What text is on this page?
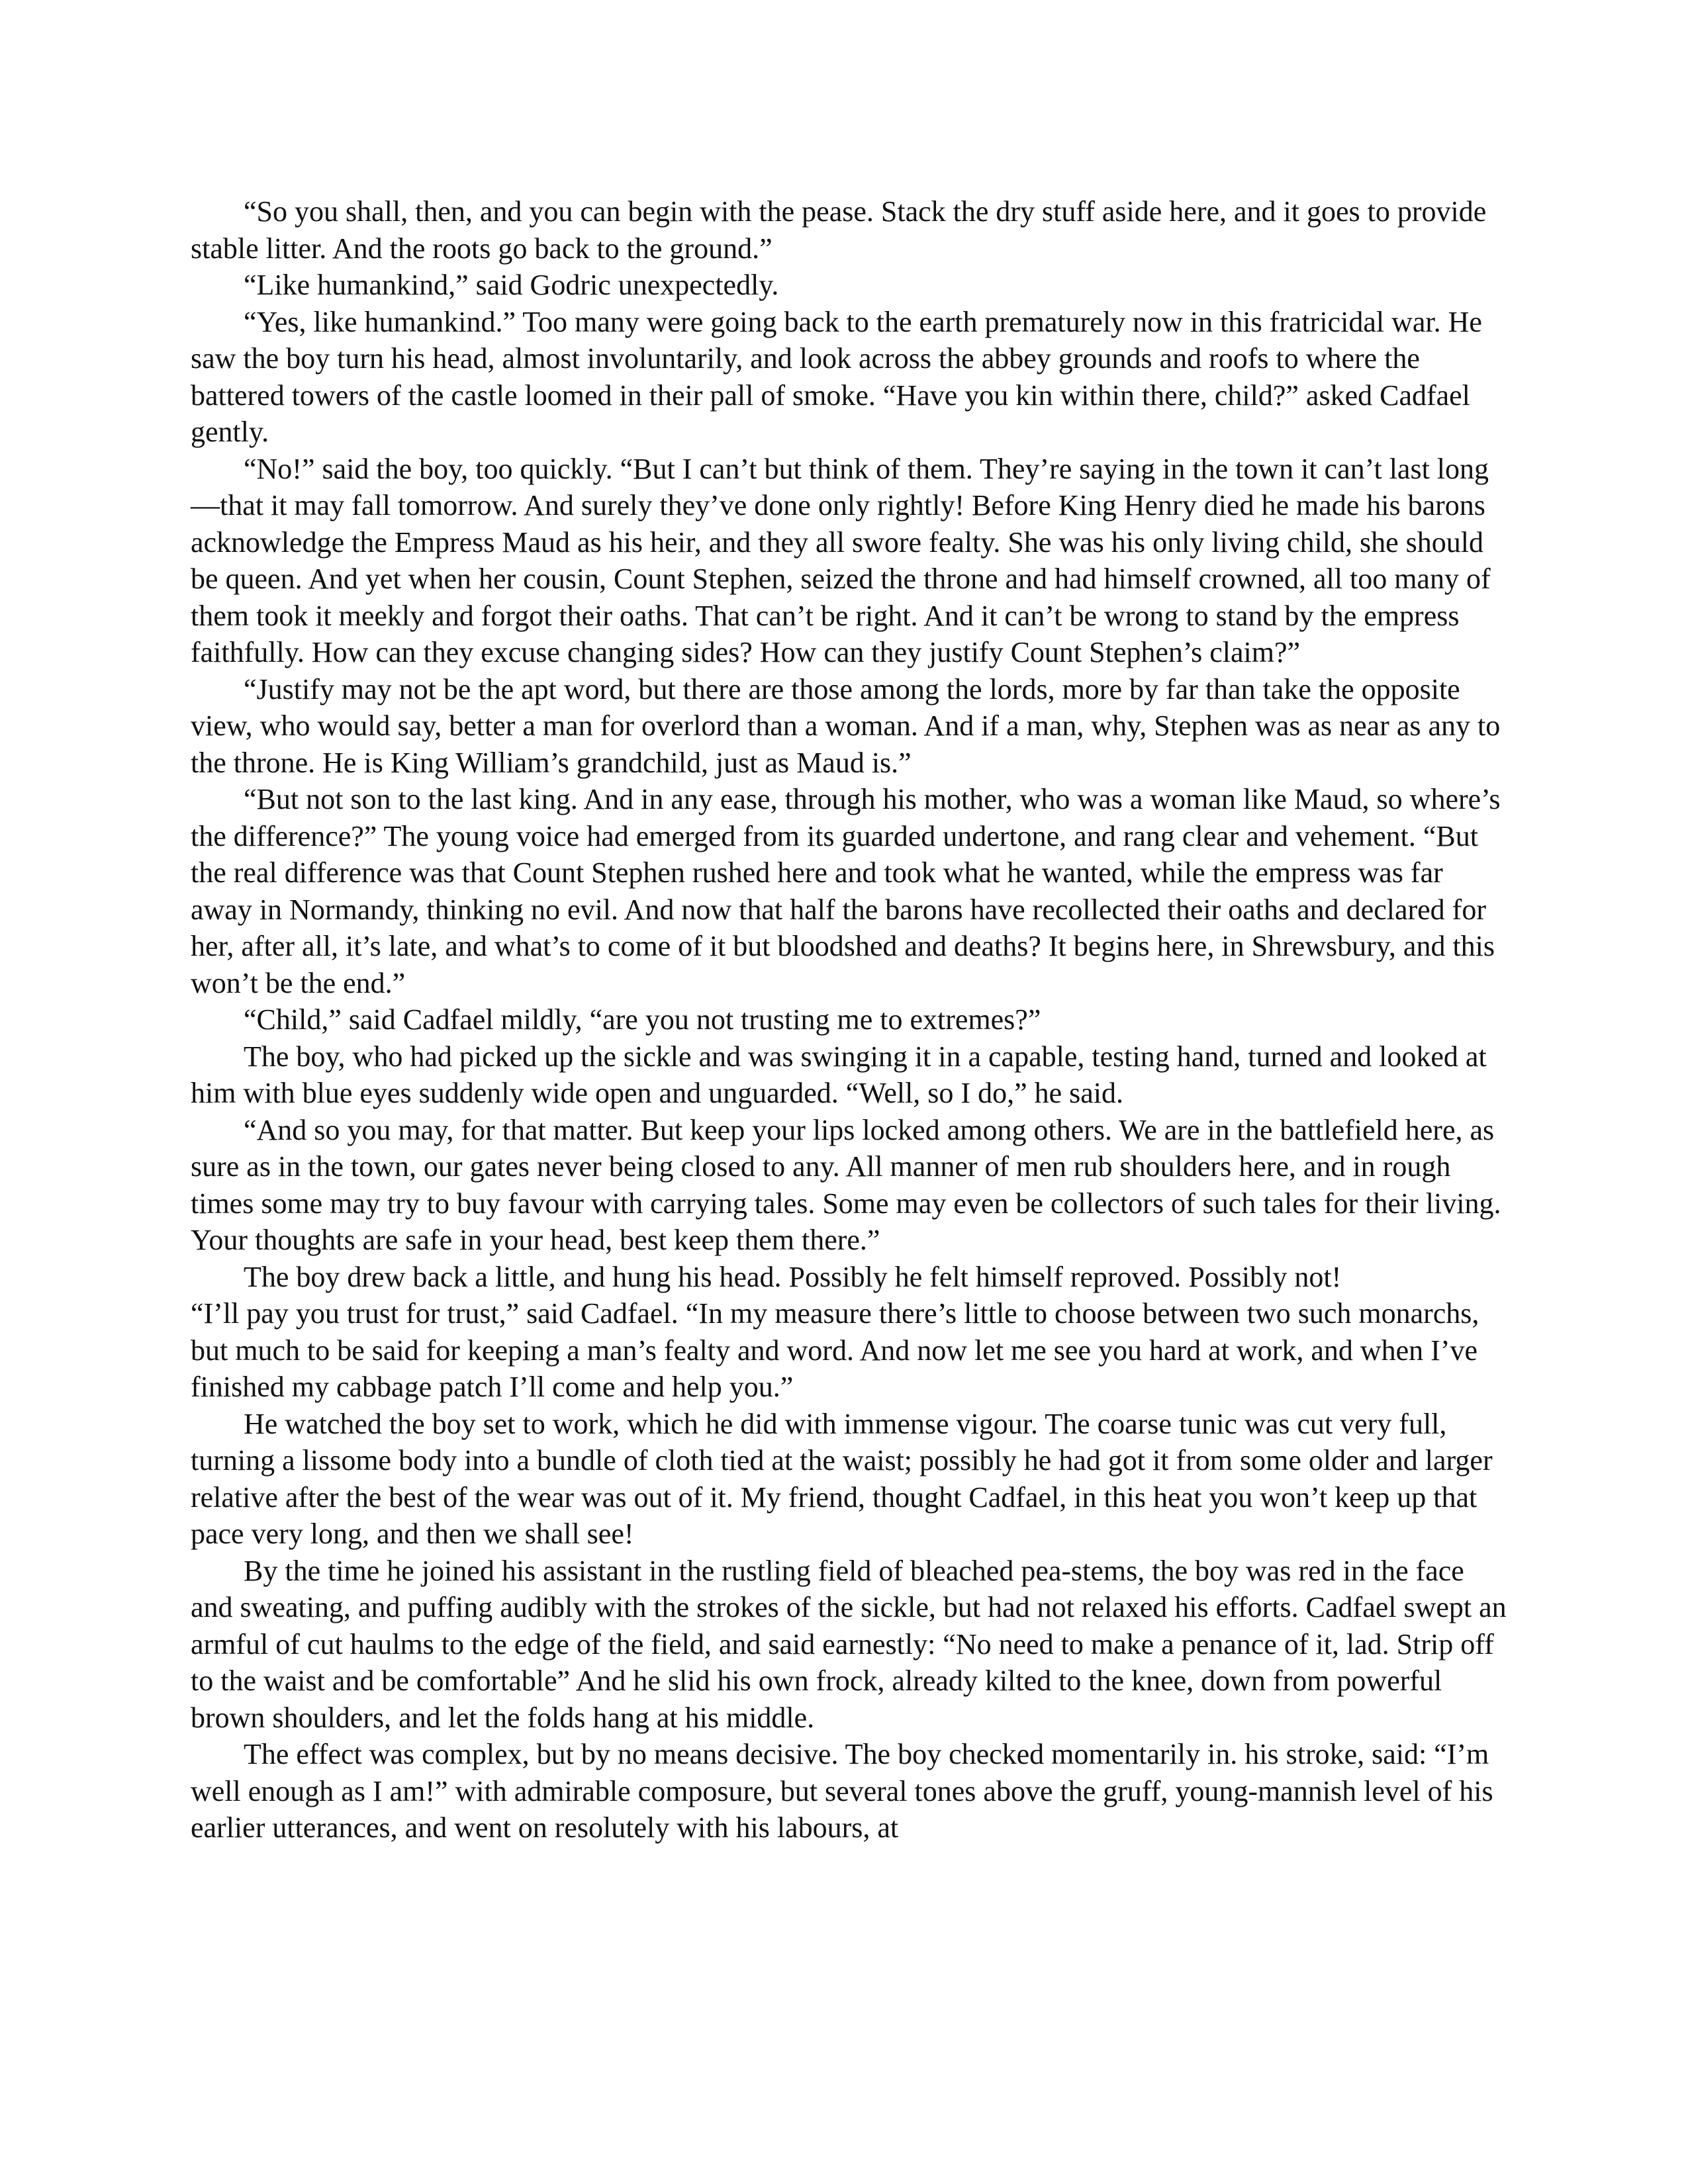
“So you shall, then, and you can begin with the pease. Stack the dry stuff aside here, and it goes to provide stable litter. And the roots go back to the ground.”

“Like humankind,” said Godric unexpectedly.

“Yes, like humankind.” Too many were going back to the earth prematurely now in this fratricidal war. He saw the boy turn his head, almost involuntarily, and look across the abbey grounds and roofs to where the battered towers of the castle loomed in their pall of smoke. “Have you kin within there, child?” asked Cadfael gently.

“No!” said the boy, too quickly. “But I can’t but think of them. They’re saying in the town it can’t last long—that it may fall tomorrow. And surely they’ve done only rightly! Before King Henry died he made his barons acknowledge the Empress Maud as his heir, and they all swore fealty. She was his only living child, she should be queen. And yet when her cousin, Count Stephen, seized the throne and had himself crowned, all too many of them took it meekly and forgot their oaths. That can’t be right. And it can’t be wrong to stand by the empress faithfully. How can they excuse changing sides? How can they justify Count Stephen’s claim?”

“Justify may not be the apt word, but there are those among the lords, more by far than take the opposite view, who would say, better a man for overlord than a woman. And if a man, why, Stephen was as near as any to the throne. He is King William’s grandchild, just as Maud is.”

“But not son to the last king. And in any ease, through his mother, who was a woman like Maud, so where’s the difference?” The young voice had emerged from its guarded undertone, and rang clear and vehement. “But the real difference was that Count Stephen rushed here and took what he wanted, while the empress was far away in Normandy, thinking no evil. And now that half the barons have recollected their oaths and declared for her, after all, it’s late, and what’s to come of it but bloodshed and deaths? It begins here, in Shrewsbury, and this won’t be the end.”

“Child,” said Cadfael mildly, “are you not trusting me to extremes?”

The boy, who had picked up the sickle and was swinging it in a capable, testing hand, turned and looked at him with blue eyes suddenly wide open and unguarded. “Well, so I do,” he said.

“And so you may, for that matter. But keep your lips locked among others. We are in the battlefield here, as sure as in the town, our gates never being closed to any. All manner of men rub shoulders here, and in rough times some may try to buy favour with carrying tales. Some may even be collectors of such tales for their living. Your thoughts are safe in your head, best keep them there.”

The boy drew back a little, and hung his head. Possibly he felt himself reproved. Possibly not!

“I’ll pay you trust for trust,” said Cadfael. “In my measure there’s little to choose between two such monarchs, but much to be said for keeping a man’s fealty and word. And now let me see you hard at work, and when I’ve finished my cabbage patch I’ll come and help you.”

He watched the boy set to work, which he did with immense vigour. The coarse tunic was cut very full, turning a lissome body into a bundle of cloth tied at the waist; possibly he had got it from some older and larger relative after the best of the wear was out of it. My friend, thought Cadfael, in this heat you won’t keep up that pace very long, and then we shall see!

By the time he joined his assistant in the rustling field of bleached pea-stems, the boy was red in the face and sweating, and puffing audibly with the strokes of the sickle, but had not relaxed his efforts. Cadfael swept an armful of cut haulms to the edge of the field, and said earnestly: “No need to make a penance of it, lad. Strip off to the waist and be comfortable” And he slid his own frock, already kilted to the knee, down from powerful brown shoulders, and let the folds hang at his middle.

The effect was complex, but by no means decisive. The boy checked momentarily in. his stroke, said: “I’m well enough as I am!” with admirable composure, but several tones above the gruff, young-mannish level of his earlier utterances, and went on resolutely with his labours, at
